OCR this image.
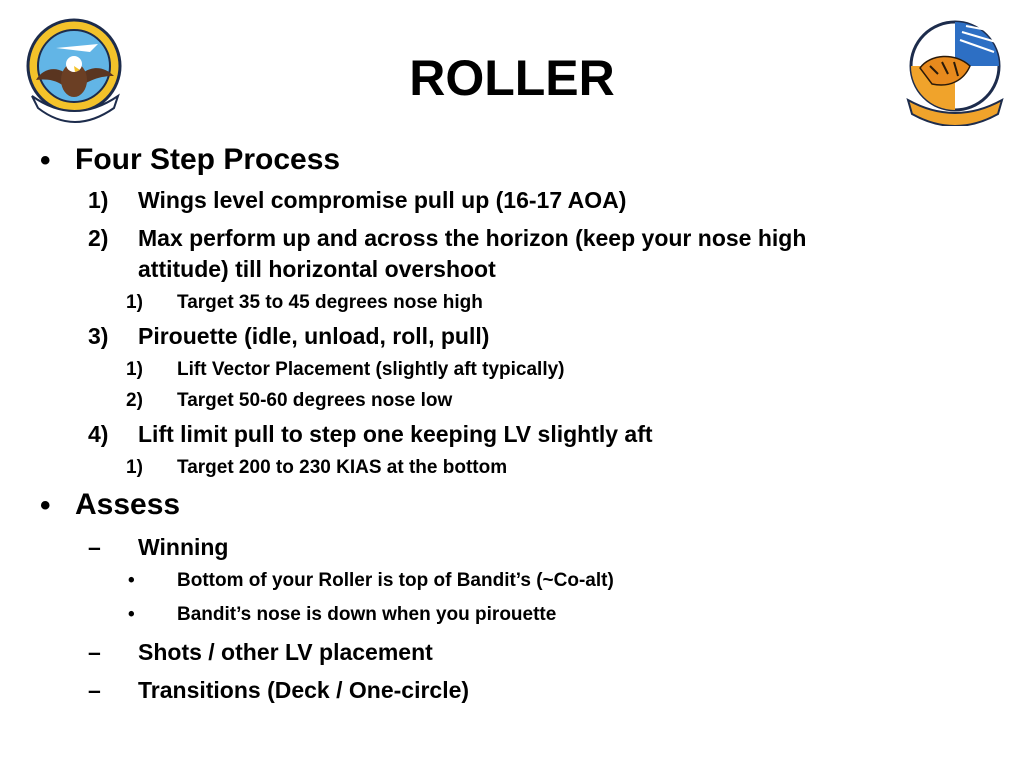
ROLLER
• Four Step Process
1) Wings level compromise pull up (16-17 AOA)
2) Max perform up and across the horizon (keep your nose high
attitude) till horizontal overshoot
1) Target 35 to 45 degrees nose high
3) Pirouette (idle, unload, roll, pull)
1) Lift Vector Placement (slightly aft typically)
2) Target 50-60 degrees nose low
4) Lift limit pull to step one keeping LV slightly aft
1) Target 200 to 230 KIAS at the bottom
• Assess
– Winning
• Bottom of your Roller is top of Bandit’s (~Co-alt)
• Bandit’s nose is down when you pirouette
– Shots / other LV placement
– Transitions (Deck / One-circle)
